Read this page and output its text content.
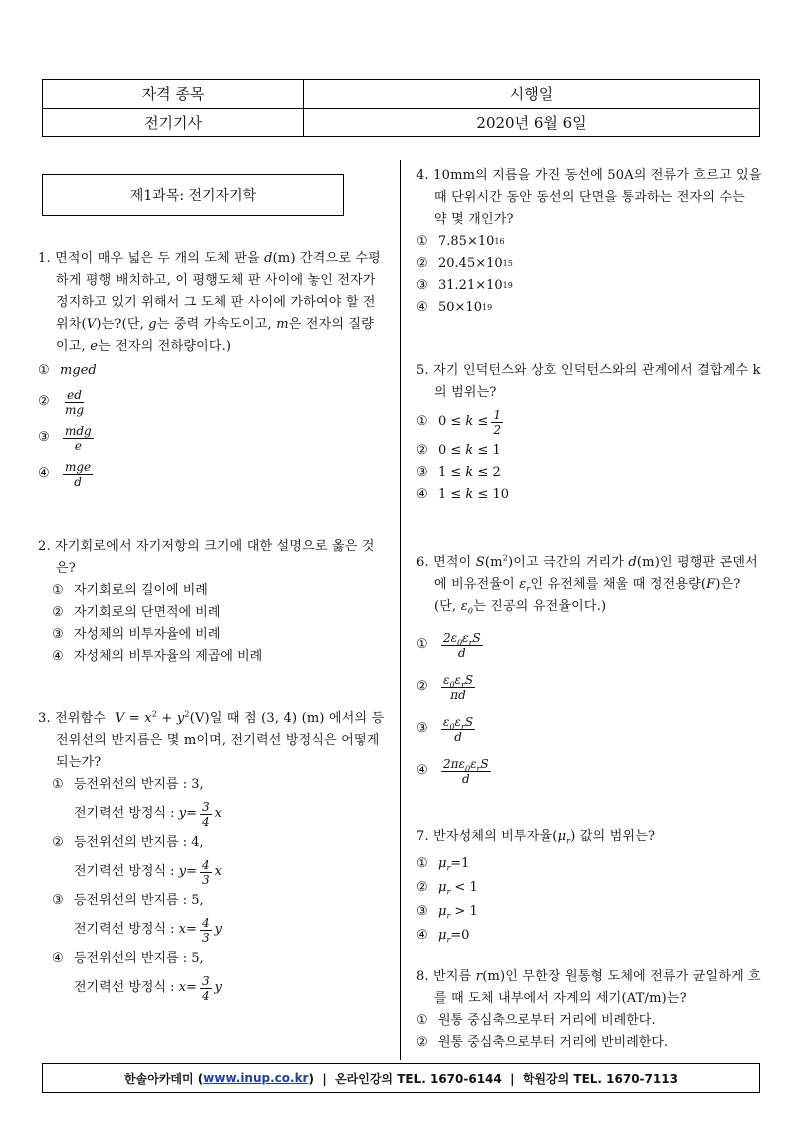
자격 종목	시행일
전기기사	2020년 6월 6일
제1과목: 전기자기학
1. 면적이 매우 넓은 두 개의 도체 판을 d(m) 간격으로 수평하게 평행 배치하고, 이 평행도체 판 사이에 놓인 전자가 정지하고 있기 위해서 그 도체 판 사이에 가하여야 할 전위차(V)는?(단, g는 중력 가속도이고, m은 전자의 질량이고, e는 전자의 전하량이다.)
① mged
②	$\frac{ed}{mg}$
③	$\frac{\text{mdg}}{e}$
④	$\frac{\text{mge}}{d}$
2. 자기회로에서 자기저항의 크기에 대한 설명으로 옳은 것은?
① 자기회로의 길이에 비례
② 자기회로의 단면적에 비례
③ 자성체의 비투자율에 비례
④ 자성체의 비투자율의 제곱에 비례
3. 전위함수 $V = x^2 + y^2(V)$일 때 점 (3, 4) (m) 에서의 등전위선의 반지름은 몇 m이며, 전기력선 방정식은 어떻게 되는가?
① 등전위선의 반지름 :
3,
전기력선 방정식 :
$y = \frac{3}{4}$ x
② 등전위선의 반지름 :
4,
전기력선 방정식 :
$y = \frac{4}{3}$ x
③ 등전위선의 반지름 :
5,
전기력선 방정식 :
$x = \frac{4}{3}$ y
④ 등전위선의 반지름 :
5,
전기력선 방정식 :
$x = \frac{3}{4}$ y
4. 10mm의 지름을 가진 동선에 50A의 전류가 흐르고 있을 때 단위시간 동안 동선의 단면을 통과하는 전자의 수는 약 몇 개인가?
① 7.85×10 16
② 20.45×10 15
③ 31.21×10 19
④ 50×10 19
5. 자기 인덕턴스와 상호 인덕턴스와의 관계에서 결합계수 k의 범위는?
① $0 \le k \le \frac{1}{2}$
② 0 ≤ k ≤ 1
③ 1 ≤ k ≤ 2
④ 1 ≤ k ≤ 10
6. 면적이 $S(m^2)$이고 극간의 거리가 d(m)인 평행판 콘덴서에 비유전율이 $\varepsilon_r$인 유전체를 채울 때 정전용량(F)은?(단, $\varepsilon_0$는 진공의 유전율이다.)
①	$\frac{2\varepsilon_0\varepsilon_rS}{d}$
②	$\frac{\varepsilon_0\varepsilon_rS}{\pi d}$
③	$\frac{\varepsilon_0\varepsilon_rS}{d}$
④	$\frac{2\pi\varepsilon_0\varepsilon_rS}{d}$
7. 반자성체의 비투자율$(\mu_r)$ 값의 범위는?
① $\mu_r =1$
② $\mu_r$
< 1
③ $\mu_r$
> 1
④ $\mu_r =0$
8. 반지름 r(m)인 무한장 원통형 도체에 전류가 균일하게 흐를 때 도체 내부에서 자계의 세기(AT/m)는?
① 원통 중심축으로부터 거리에 비례한다.
② 원통 중심축으로부터 거리에 반비례한다.
한솔아카데미 ( www.inup.co.kr )  |  온라인강의 TEL. 1670-6144  |  학원강의 TEL. 1670-7113
